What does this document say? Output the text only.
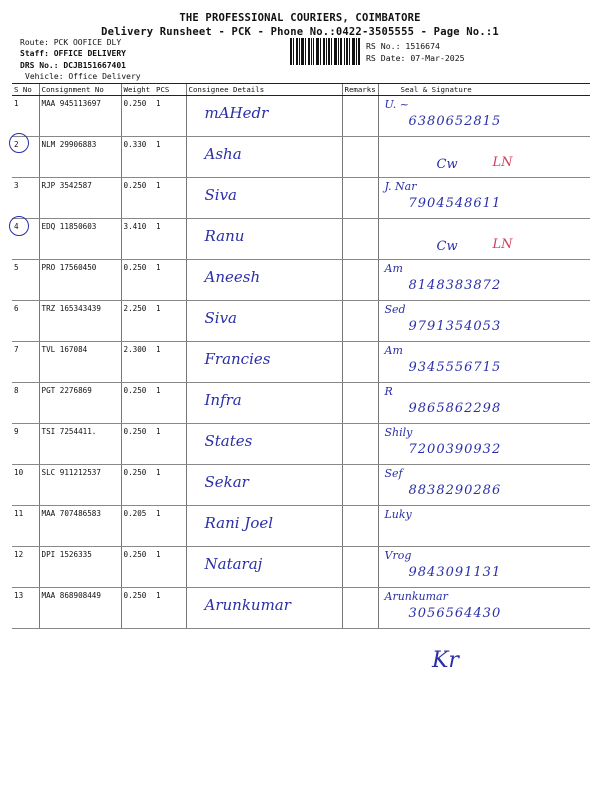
THE PROFESSIONAL COURIERS, COIMBATORE
Delivery Runsheet - PCK - Phone No.:0422-3505555 - Page No.:1
Route: PCK OOFICE DLY
Staff: OFFICE DELIVERY
DRS No.: DCJB151667401
Vehicle: Office Delivery
RS No.: 1516674
RS Date: 07-Mar-2025
S No	Consignment No	Weight	PCS	Consignee Details	Remarks	Seal & Signature

1	MAA 945113697	0.250	1	mAHedr		U. ~
6380652815

2	NLM 29906883	0.330	1	Asha		Cw LN

3	RJP 3542587	0.250	1	Siva		J. Nar
7904548611

4	EDQ 11850603	3.410	1	Ranu		Cw LN

5	PRO 17560450	0.250	1	Aneesh		Am
8148383872

6	TRZ 165343439	2.250	1	Siva		Sed
9791354053

7	TVL 167084	2.300	1	Francies		Am
9345556715

8	PGT 2276869	0.250	1	Infra		R
9865862298

9	TSI 7254411.	0.250	1	States		Shily
7200390932

10	SLC 911212537	0.250	1	Sekar		Sef
8838290286

11	MAA 707486583	0.205	1	Rani Joel		Luky

12	DPI 1526335	0.250	1	Nataraj		Vrog
9843091131

13	MAA 868908449	0.250	1	Arunkumar		Arunkumar
3056564430
Kr
